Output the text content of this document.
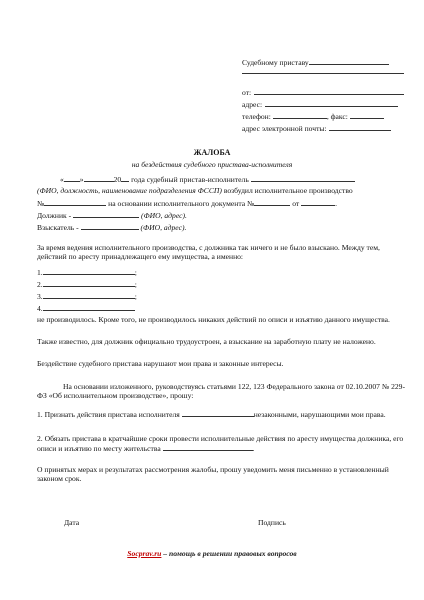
Судебному приставу
от:
адрес:
телефон:	, факс:
адрес электронной почты:
ЖАЛОБА
на бездействия судебного пристава-исполнителя
« »	20 года судебный пристав-исполнитель
(ФИО, должность, наименование подразделения ФССП) возбудил исполнительное производство
№	на основании исполнительного документа №	от	.
Должник -	(ФИО, адрес).
Взыскатель -	(ФИО, адрес).
За время ведения исполнительного производства, с должника так ничего и не было взыскано. Между тем, действий по аресту принадлежащего ему имущества, а именно:
1.	;
2.	;
3.	;
4.
не производилось. Кроме того, не производилось никаких действий по описи и изъятию данного имущества.
Также известно, для должник официально трудоустроен, а взыскание на заработную плату не наложено.
Бездействие судебного пристава нарушают мои права и законные интересы.
На основании изложенного, руководствуясь статьями 122, 123 Федерального закона от 02.10.2007 № 229-ФЗ «Об исполнительном производстве», прошу:
1. Признать действия пристава исполнителя	незаконными, нарушающими мои права.
2. Обязать пристава в кратчайшие сроки провести исполнительные действия по аресту имущества должника, его описи и изъятию по месту жительства	.
О принятых мерах и результатах рассмотрения жалобы, прошу уведомить меня письменно в установленный законом срок.
Дата	Подпись
Socprav.ru – помощь в решении правовых вопросов
